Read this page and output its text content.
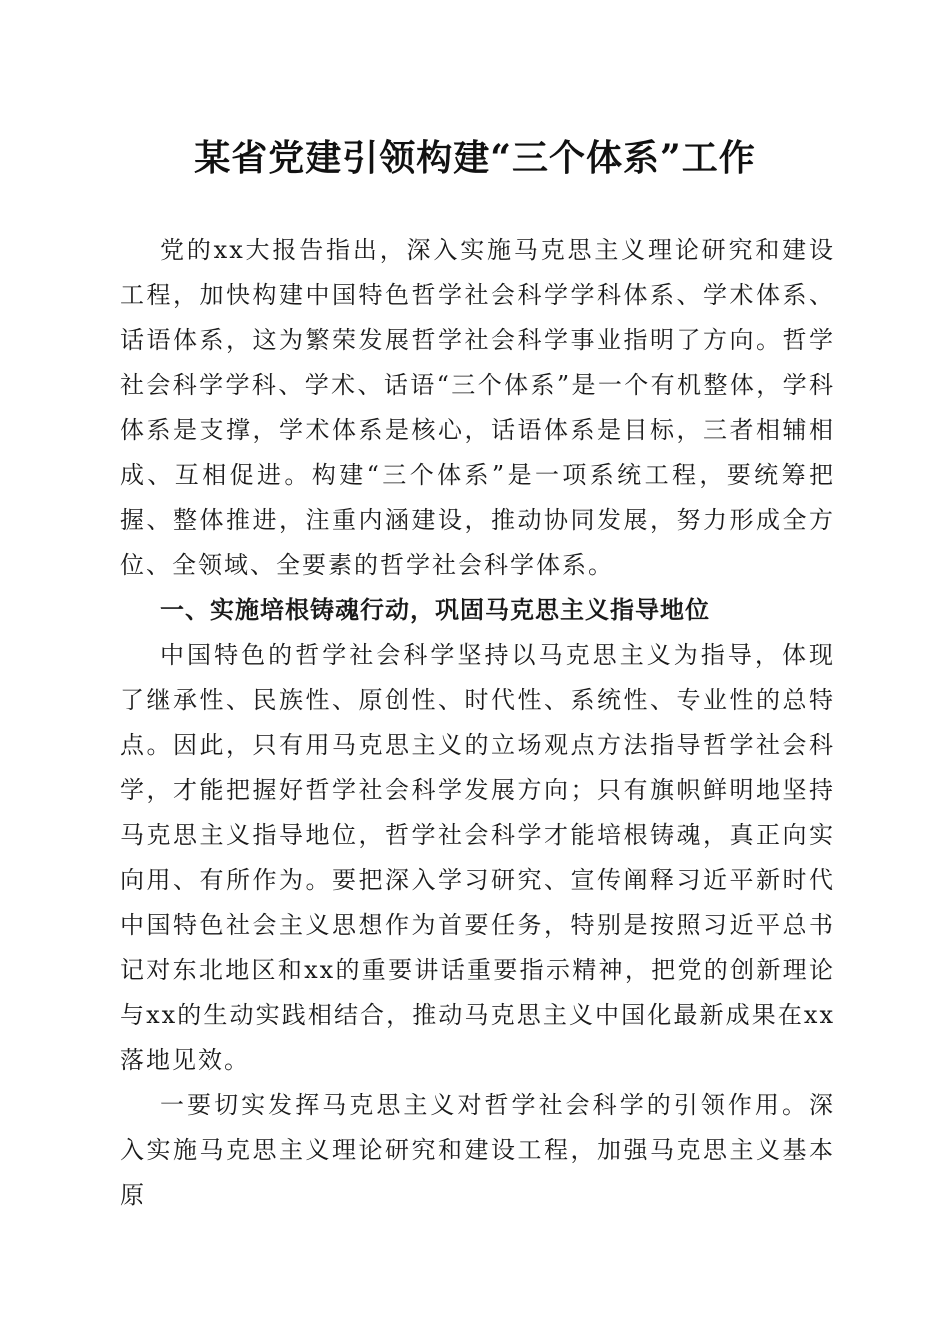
某省党建引领构建“三个体系”工作

党的xx大报告指出，深入实施马克思主义理论研究和建设工程，加快构建中国特色哲学社会科学学科体系、学术体系、话语体系，这为繁荣发展哲学社会科学事业指明了方向。哲学社会科学学科、学术、话语“三个体系”是一个有机整体，学科体系是支撑，学术体系是核心，话语体系是目标，三者相辅相成、互相促进。构建“三个体系”是一项系统工程，要统筹把握、整体推进，注重内涵建设，推动协同发展，努力形成全方位、全领域、全要素的哲学社会科学体系。

一、实施培根铸魂行动，巩固马克思主义指导地位

中国特色的哲学社会科学坚持以马克思主义为指导，体现了继承性、民族性、原创性、时代性、系统性、专业性的总特点。因此，只有用马克思主义的立场观点方法指导哲学社会科学，才能把握好哲学社会科学发展方向；只有旗帜鲜明地坚持马克思主义指导地位，哲学社会科学才能培根铸魂，真正向实向用、有所作为。要把深入学习研究、宣传阐释习近平新时代中国特色社会主义思想作为首要任务，特别是按照习近平总书记对东北地区和xx的重要讲话重要指示精神，把党的创新理论与xx的生动实践相结合，推动马克思主义中国化最新成果在xx落地见效。

一要切实发挥马克思主义对哲学社会科学的引领作用。深入实施马克思主义理论研究和建设工程，加强马克思主义基本原
